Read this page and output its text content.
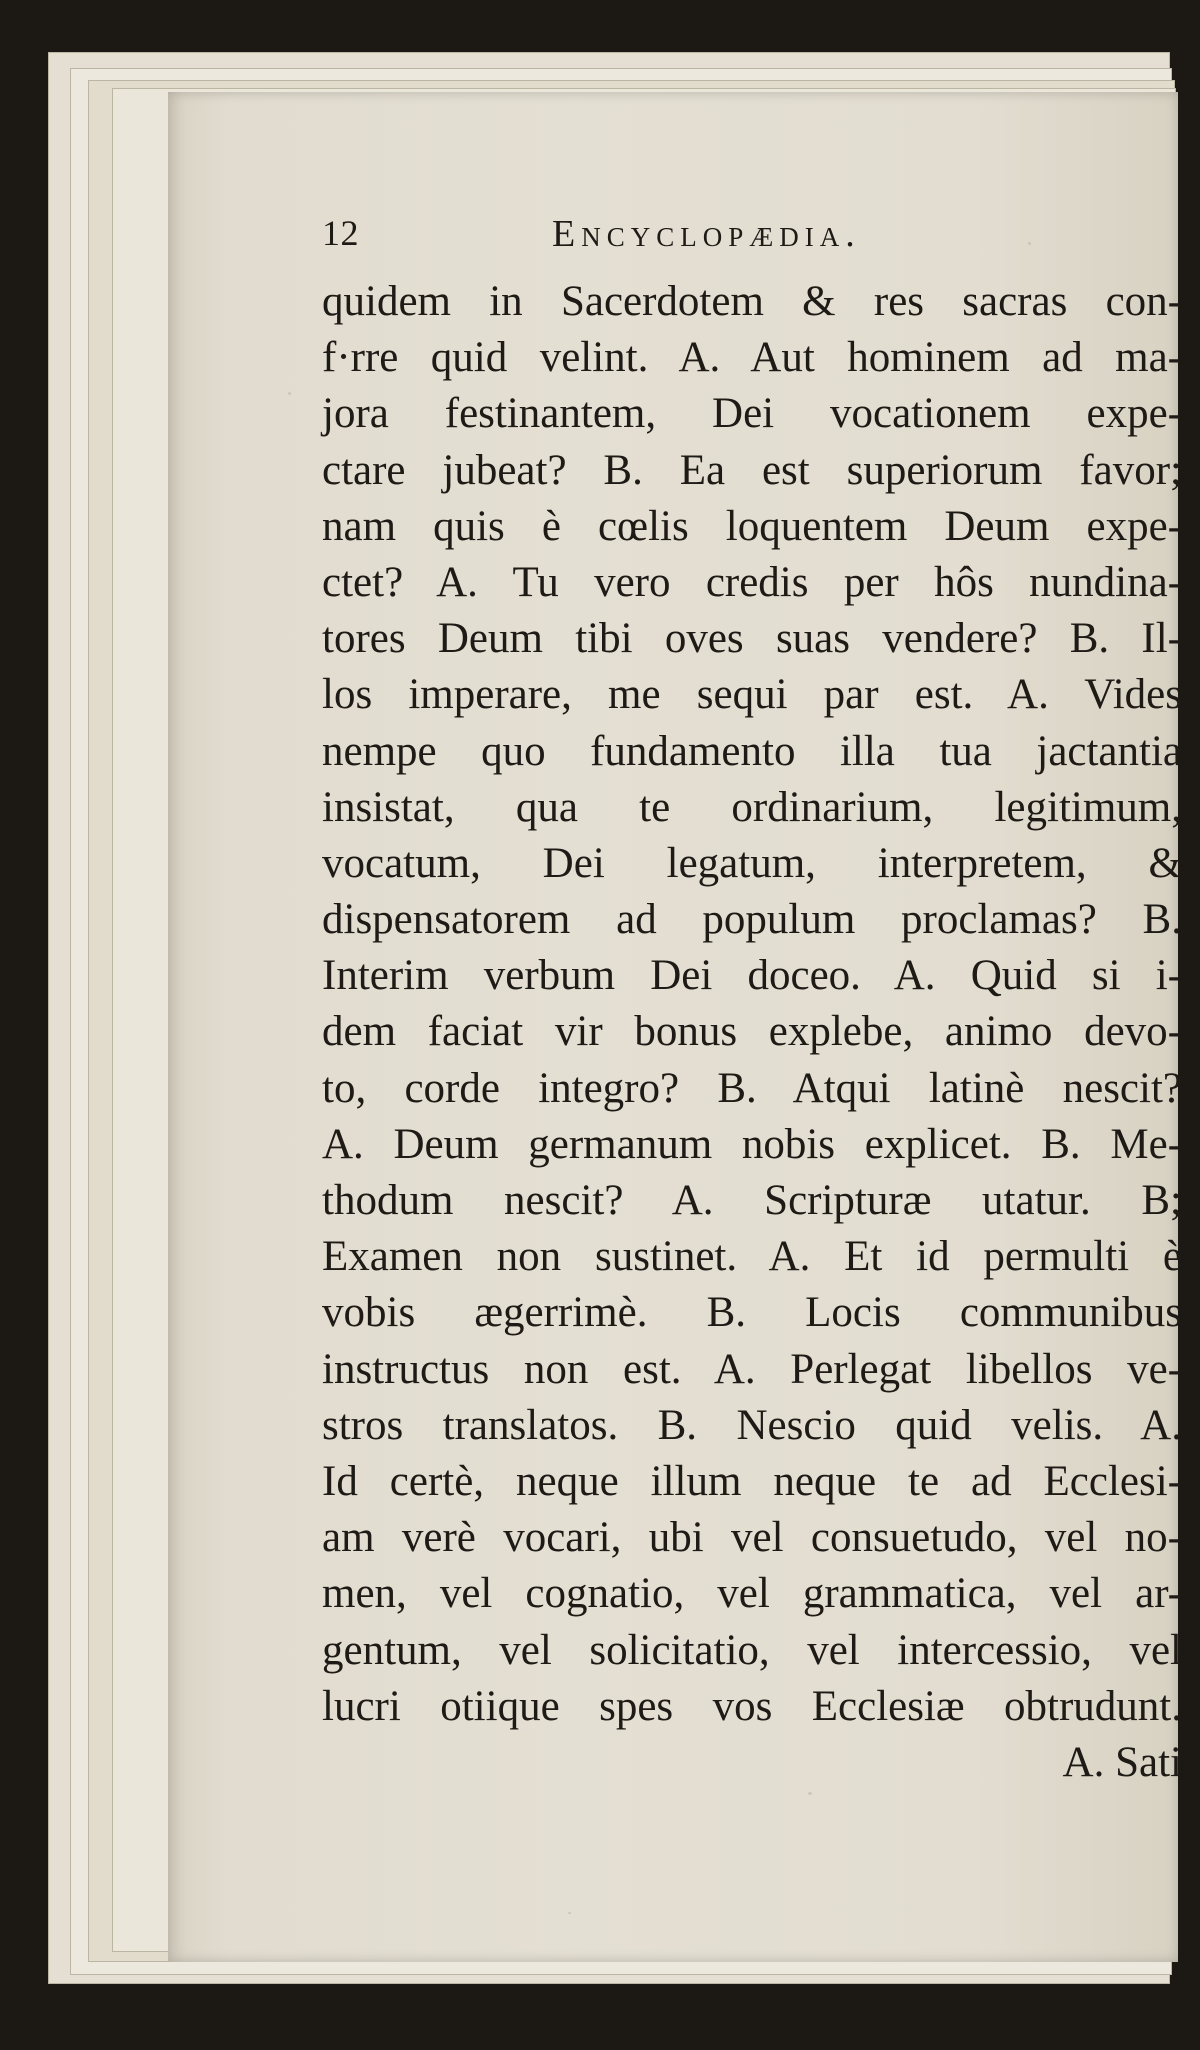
12	Encyclopædia.
quidem in Sacerdotem & res sacras con-
f·rre quid velint. A. Aut hominem ad ma-
jora festinantem, Dei vocationem expe-
ctare jubeat? B. Ea est superiorum favor;
nam quis è cœlis loquentem Deum expe-
ctet? A. Tu vero credis per hôs nundina-
tores Deum tibi oves suas vendere? B. Il-
los imperare, me sequi par est. A. Vides
nempe quo fundamento illa tua jactantia
insistat, qua te ordinarium, legitimum,
vocatum, Dei legatum, interpretem, &
dispensatorem ad populum proclamas? B.
Interim verbum Dei doceo. A. Quid si i-
dem faciat vir bonus explebe, animo devo-
to, corde integro? B. Atqui latinè nescit?
A. Deum germanum nobis explicet. B. Me-
thodum nescit? A. Scripturæ utatur. B;
Examen non sustinet. A. Et id permulti è
vobis ægerrimè. B. Locis communibus
instructus non est. A. Perlegat libellos ve-
stros translatos. B. Nescio quid velis. A.
Id certè, neque illum neque te ad Ecclesi-
am verè vocari, ubi vel consuetudo, vel no-
men, vel cognatio, vel grammatica, vel ar-
gentum, vel solicitatio, vel intercessio, vel
lucri otiique spes vos Ecclesiæ obtrudunt.
A. Sati
